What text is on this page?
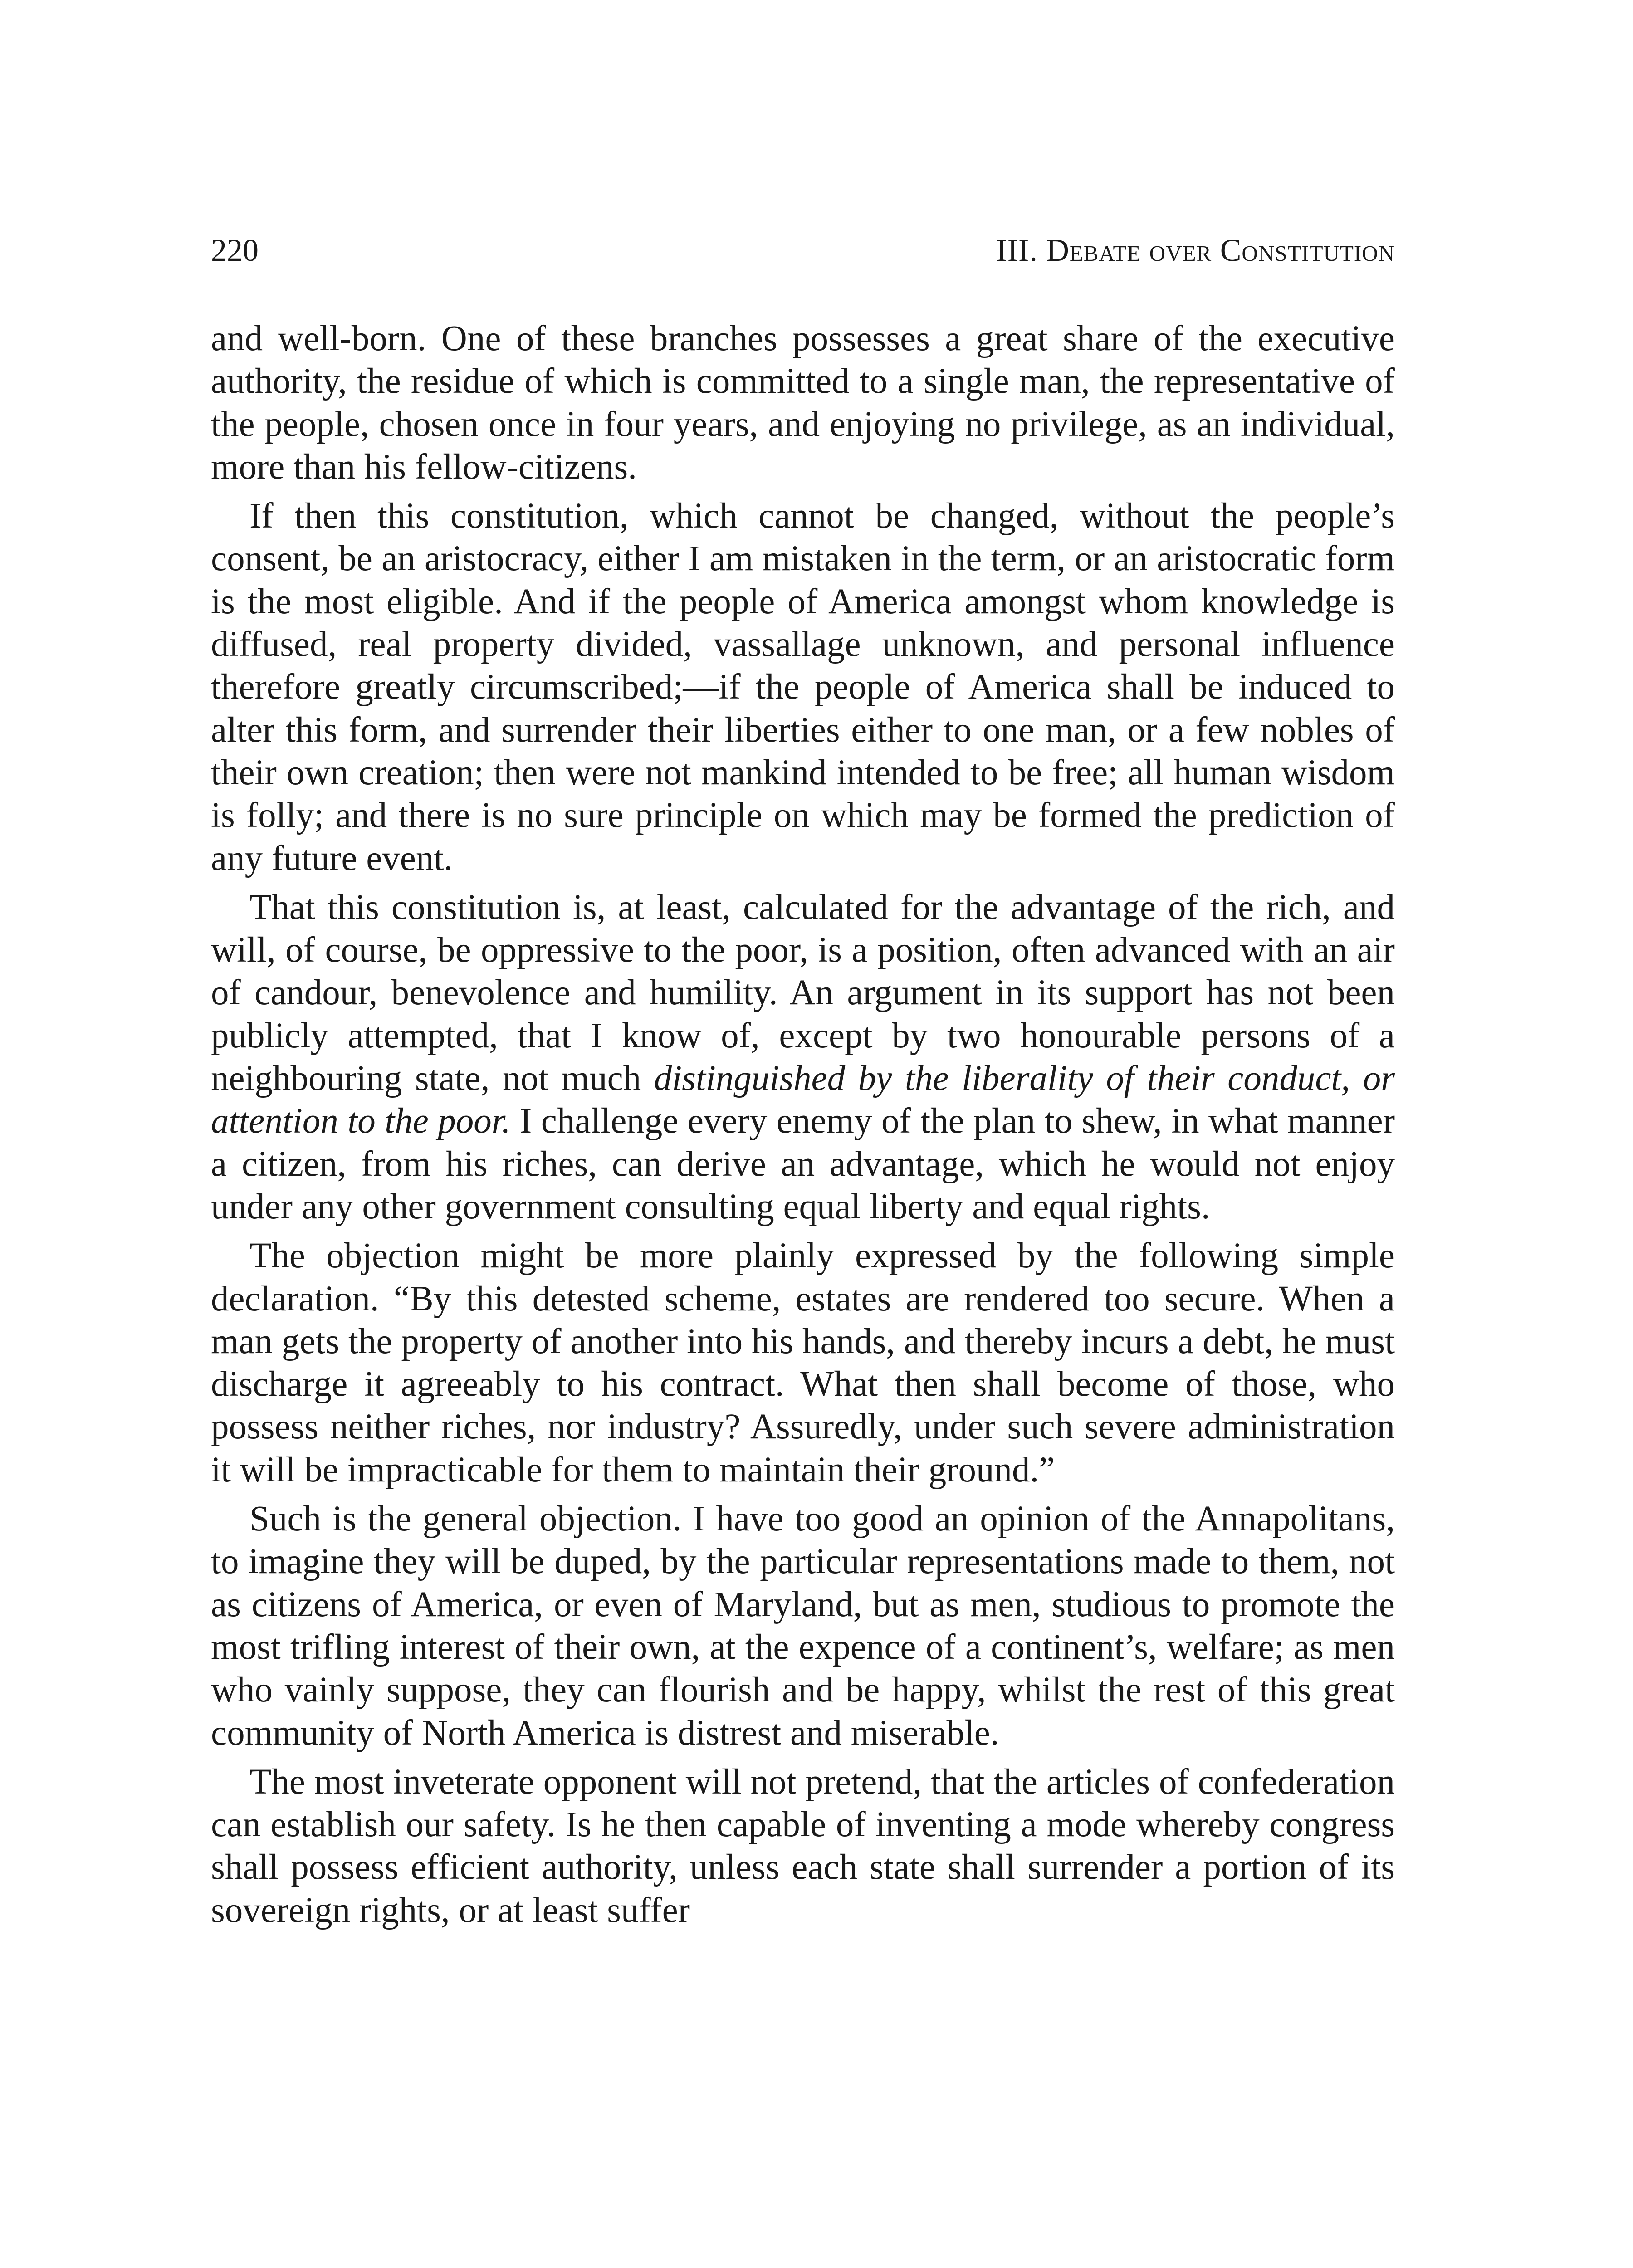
220	III. Debate over Constitution

and well-born. One of these branches possesses a great share of the executive authority, the residue of which is committed to a single man, the representative of the people, chosen once in four years, and enjoying no privilege, as an individual, more than his fellow-citizens.

If then this constitution, which cannot be changed, without the people’s consent, be an aristocracy, either I am mistaken in the term, or an aristocratic form is the most eligible. And if the people of America amongst whom knowledge is diffused, real property divided, vassallage unknown, and personal influence therefore greatly circumscribed;—if the people of America shall be induced to alter this form, and surrender their liberties either to one man, or a few nobles of their own creation; then were not mankind intended to be free; all human wisdom is folly; and there is no sure principle on which may be formed the prediction of any future event.

That this constitution is, at least, calculated for the advantage of the rich, and will, of course, be oppressive to the poor, is a position, often advanced with an air of candour, benevolence and humility. An argument in its support has not been publicly attempted, that I know of, except by two honourable persons of a neighbouring state, not much distinguished by the liberality of their conduct, or attention to the poor. I challenge every enemy of the plan to shew, in what manner a citizen, from his riches, can derive an advantage, which he would not enjoy under any other government consulting equal liberty and equal rights.

The objection might be more plainly expressed by the following simple declaration. “By this detested scheme, estates are rendered too secure. When a man gets the property of another into his hands, and thereby incurs a debt, he must discharge it agreeably to his contract. What then shall become of those, who possess neither riches, nor industry? Assuredly, under such severe administration it will be impracticable for them to maintain their ground.”

Such is the general objection. I have too good an opinion of the Annapolitans, to imagine they will be duped, by the particular representations made to them, not as citizens of America, or even of Maryland, but as men, studious to promote the most trifling interest of their own, at the expence of a continent’s, welfare; as men who vainly suppose, they can flourish and be happy, whilst the rest of this great community of North America is distrest and miserable.

The most inveterate opponent will not pretend, that the articles of confederation can establish our safety. Is he then capable of inventing a mode whereby congress shall possess efficient authority, unless each state shall surrender a portion of its sovereign rights, or at least suffer
